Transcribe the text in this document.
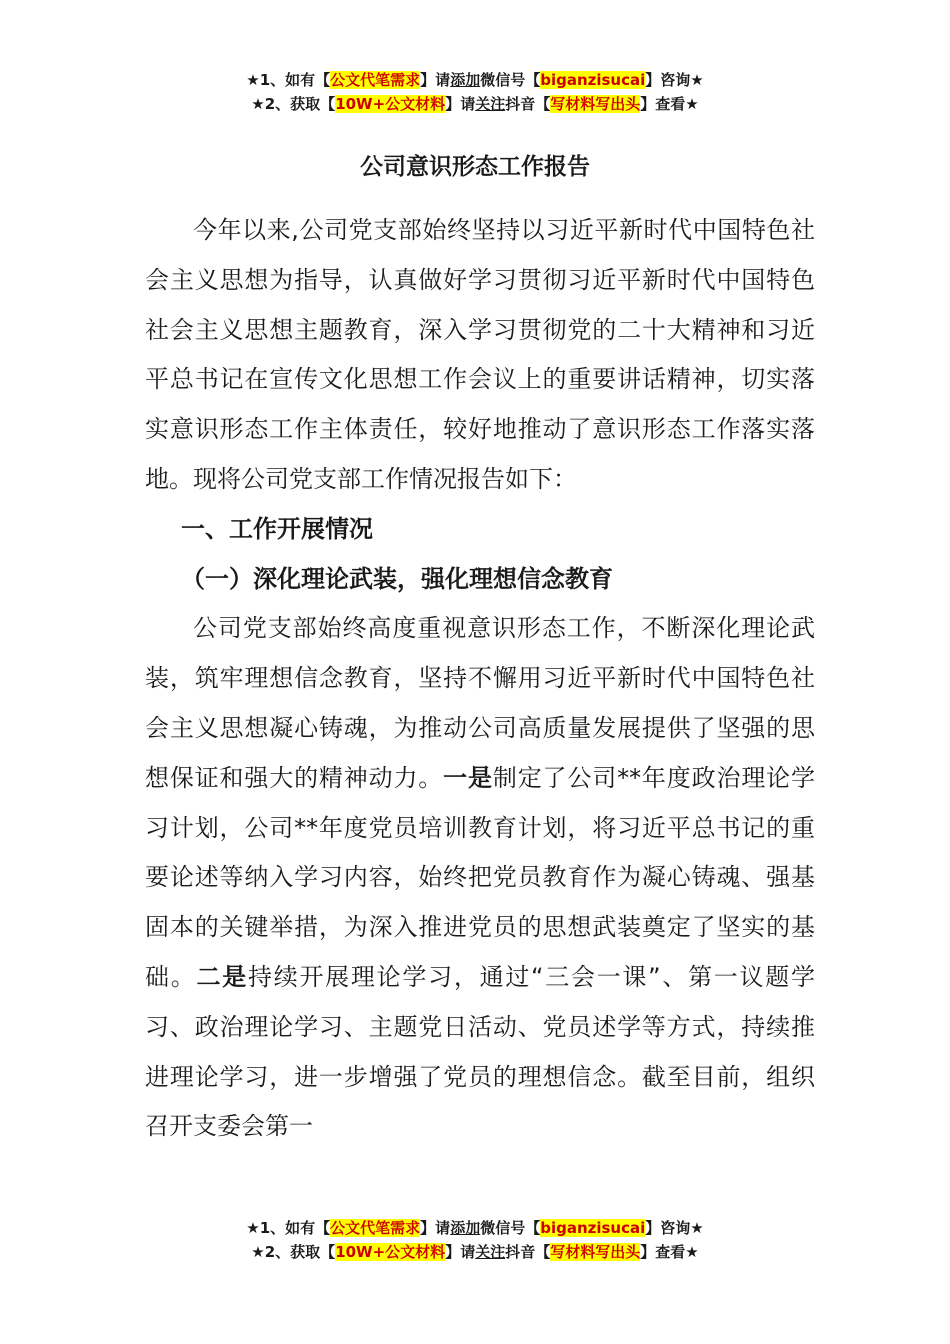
★1、如有【公文代笔需求】请添加微信号【biganzisucai】咨询★
★2、获取【10W+公文材料】请关注抖音【写材料写出头】查看★
公司意识形态工作报告

今年以来,公司党支部始终坚持以习近平新时代中国特色社会主义思想为指导，认真做好学习贯彻习近平新时代中国特色社会主义思想主题教育，深入学习贯彻党的二十大精神和习近平总书记在宣传文化思想工作会议上的重要讲话精神，切实落实意识形态工作主体责任，较好地推动了意识形态工作落实落地。现将公司党支部工作情况报告如下：

一、工作开展情况

（一）深化理论武装，强化理想信念教育

公司党支部始终高度重视意识形态工作，不断深化理论武装，筑牢理想信念教育，坚持不懈用习近平新时代中国特色社会主义思想凝心铸魂，为推动公司高质量发展提供了坚强的思想保证和强大的精神动力。一是制定了公司**年度政治理论学习计划，公司**年度党员培训教育计划，将习近平总书记的重要论述等纳入学习内容，始终把党员教育作为凝心铸魂、强基固本的关键举措，为深入推进党员的思想武装奠定了坚实的基础。二是持续开展理论学习，通过“三会一课”、第一议题学习、政治理论学习、主题党日活动、党员述学等方式，持续推进理论学习，进一步增强了党员的理想信念。截至目前，组织召开支委会第一

★1、如有【公文代笔需求】请添加微信号【biganzisucai】咨询★
★2、获取【10W+公文材料】请关注抖音【写材料写出头】查看★
